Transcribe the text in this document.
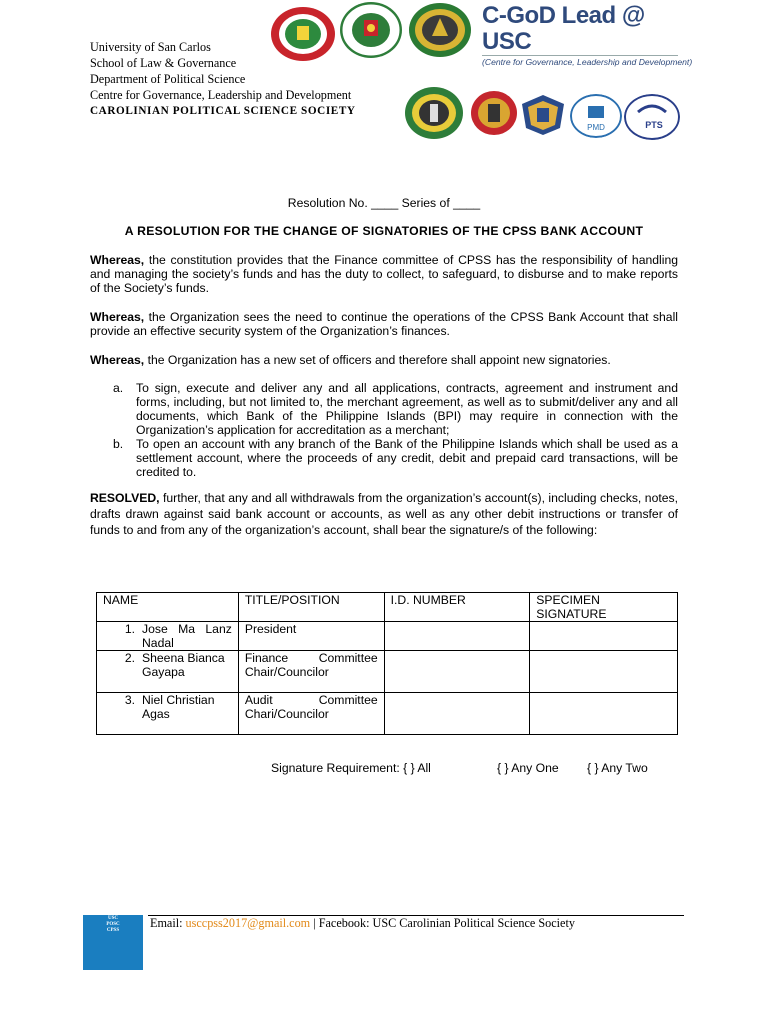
University of San Carlos
School of Law & Governance
Department of Political Science
Centre for Governance, Leadership and Development
CAROLINIAN POLITICAL SCIENCE SOCIETY
C-GoD Lead @ USC
(Centre for Governance, Leadership and Development)
PMD	PTS
Resolution No. ____ Series of ____
A RESOLUTION FOR THE CHANGE OF SIGNATORIES OF THE CPSS BANK ACCOUNT
Whereas, the constitution provides that the Finance committee of CPSS has the responsibility of handling and managing the society’s funds and has the duty to collect, to safeguard, to disburse and to make reports of the Society’s funds.
Whereas, the Organization sees the need to continue the operations of the CPSS Bank Account that shall provide an effective security system of the Organization’s finances.
Whereas, the Organization has a new set of officers and therefore shall appoint new signatories.
a.	To sign, execute and deliver any and all applications, contracts, agreement and instrument and forms, including, but not limited to, the merchant agreement, as well as to submit/deliver any and all documents, which Bank of the Philippine Islands (BPI) may require in connection with the Organization’s application for accreditation as a merchant;
b.	To open an account with any branch of the Bank of the Philippine Islands which shall be used as a settlement account, where the proceeds of any credit, debit and prepaid card transactions, will be credited to.
RESOLVED, further, that any and all withdrawals from the organization’s account(s), including checks, notes, drafts drawn against said bank account or accounts, as well as any other debit instructions or transfer of funds to and from any of the organization’s account, shall bear the signature/s of the following:
NAME	TITLE/POSITION	I.D. NUMBER	SPECIMEN SIGNATURE

1. Jose Ma Lanz Nadal	President		

2. Sheena Bianca Gayapa	Finance Committee Chair/Councilor		

3. Niel Christian Agas	Audit Committee Chari/Councilor		
Signature Requirement: { } All	{ } Any One { } Any Two
USC POSC CPSS
Email: usccpss2017@gmail.com | Facebook: USC Carolinian Political Science Society
